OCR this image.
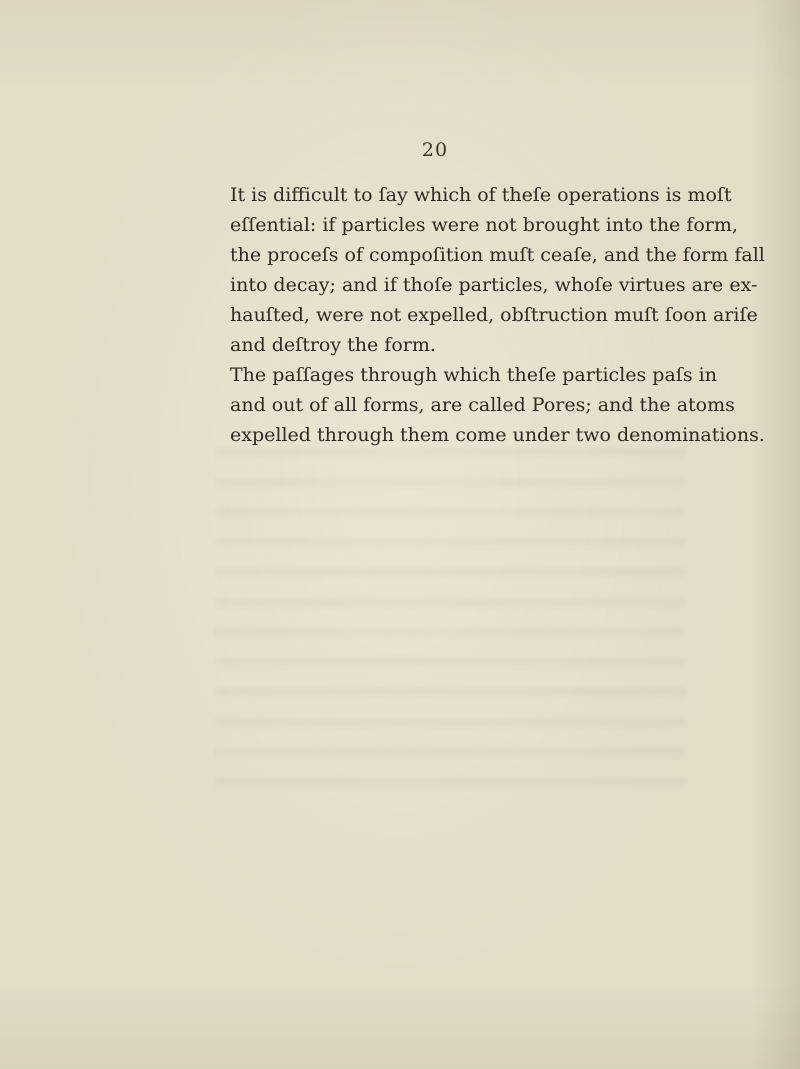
20
It is difficult to ſay which of theſe operations is moſt
eſſential: if particles were not brought into the form,
the proceſs of compoſition muſt ceaſe, and the form fall
into decay; and if thoſe particles, whoſe virtues are ex-
hauſted, were not expelled, obſtruction muſt ſoon ariſe
and deſtroy the form.
The paſſages through which theſe particles paſs in
and out of all forms, are called Pores; and the atoms
expelled through them come under two denominations.
